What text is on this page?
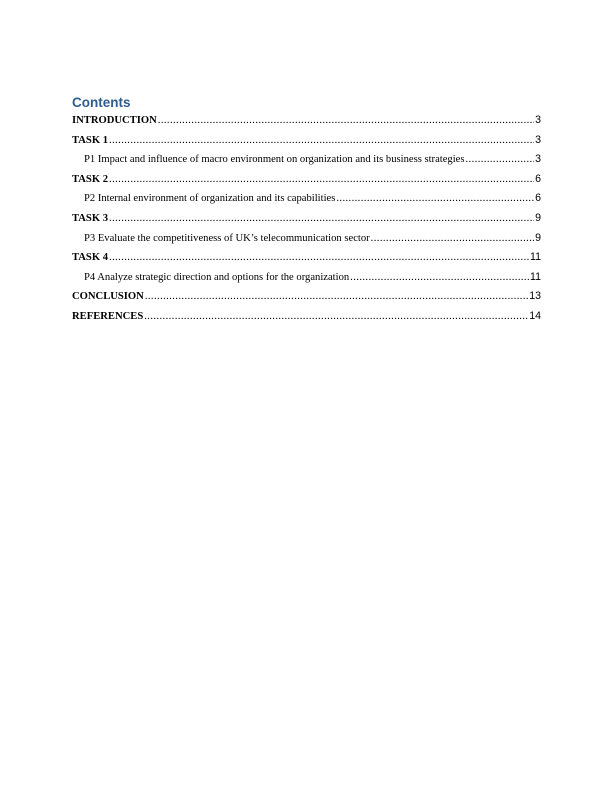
Contents
INTRODUCTION .....	3
TASK 1 .....	3
P1 Impact and influence of macro environment on organization and its business strategies .....	3
TASK 2 .....	6
P2 Internal environment of organization and its capabilities .....	6
TASK 3 .....	9
P3 Evaluate the competitiveness of UK’s telecommunication sector .....	9
TASK 4 .....	11
P4 Analyze strategic direction and options for the organization .....	11
CONCLUSION .....	13
REFERENCES .....	14
